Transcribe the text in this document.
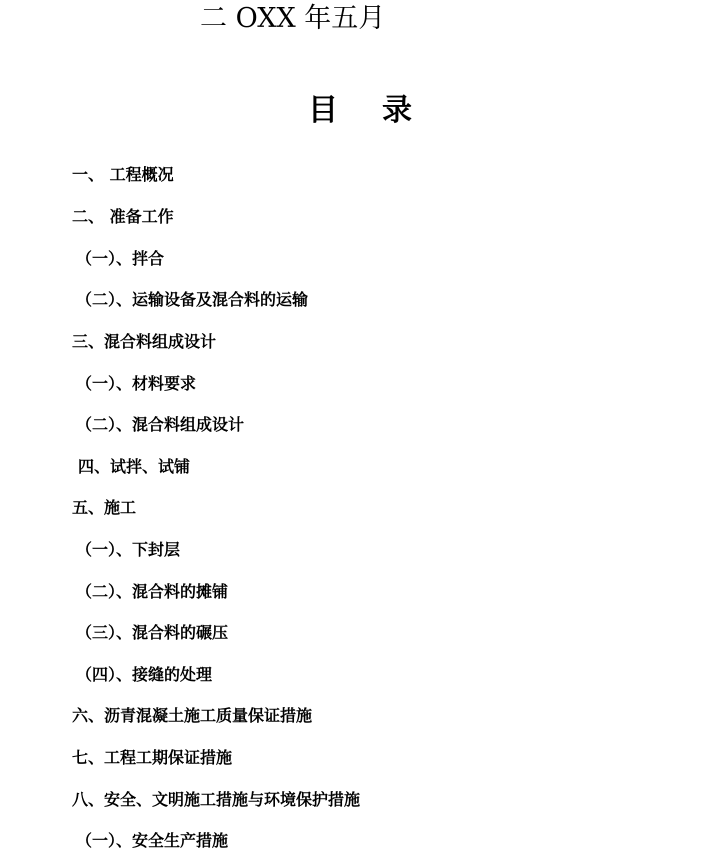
二 OXX 年五月
目 录
一、 工程概况
二、 准备工作
（一）、拌合
（二）、运输设备及混合料的运输
三、混合料组成设计
（一）、材料要求
（二）、混合料组成设计
四、试拌、试铺
五、施工
（一）、下封层
（二）、混合料的摊铺
（三）、混合料的碾压
（四）、接缝的处理
六、沥青混凝土施工质量保证措施
七、工程工期保证措施
八、安全、文明施工措施与环境保护措施
（一）、安全生产措施
